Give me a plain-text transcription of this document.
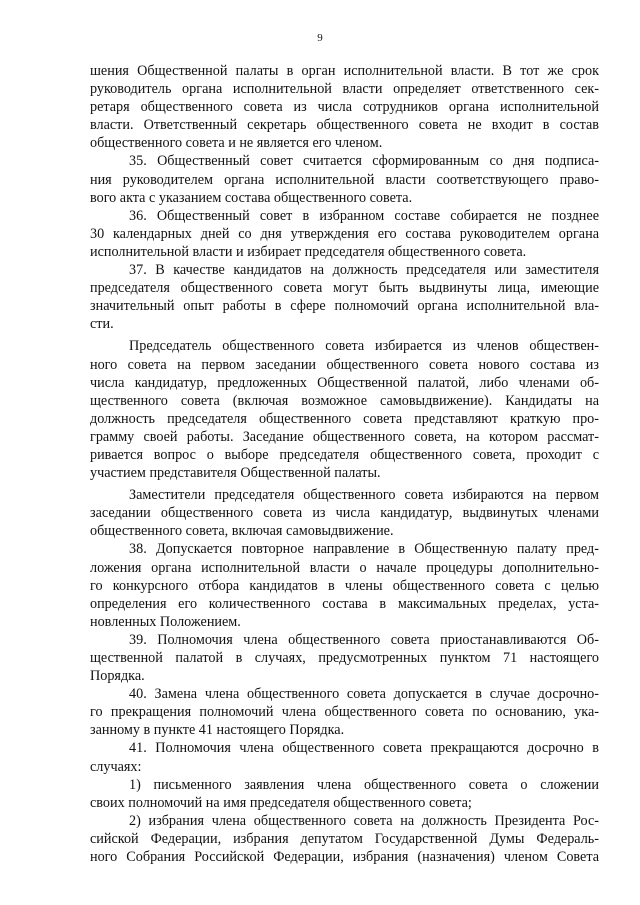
9
шения Общественной палаты в орган исполнительной власти. В тот же срок
руководитель органа исполнительной власти определяет ответственного сек-
ретаря общественного совета из числа сотрудников органа исполнительной
власти. Ответственный секретарь общественного совета не входит в состав
общественного совета и не является его членом.
35. Общественный совет считается сформированным со дня подписа-
ния руководителем органа исполнительной власти соответствующего право-
вого акта с указанием состава общественного совета.
36. Общественный совет в избранном составе собирается не позднее
30 календарных дней со дня утверждения его состава руководителем органа
исполнительной власти и избирает председателя общественного совета.
37. В качестве кандидатов на должность председателя или заместителя
председателя общественного совета могут быть выдвинуты лица, имеющие
значительный опыт работы в сфере полномочий органа исполнительной вла-
сти.
Председатель общественного совета избирается из членов обществен-
ного совета на первом заседании общественного совета нового состава из
числа кандидатур, предложенных Общественной палатой, либо членами об-
щественного совета (включая возможное самовыдвижение). Кандидаты на
должность председателя общественного совета представляют краткую про-
грамму своей работы. Заседание общественного совета, на котором рассмат-
ривается вопрос о выборе председателя общественного совета, проходит с
участием представителя Общественной палаты.
Заместители председателя общественного совета избираются на первом
заседании общественного совета из числа кандидатур, выдвинутых членами
общественного совета, включая самовыдвижение.
38. Допускается повторное направление в Общественную палату пред-
ложения органа исполнительной власти о начале процедуры дополнительно-
го конкурсного отбора кандидатов в члены общественного совета с целью
определения его количественного состава в максимальных пределах, уста-
новленных Положением.
39. Полномочия члена общественного совета приостанавливаются Об-
щественной палатой в случаях, предусмотренных пунктом 71 настоящего
Порядка.
40. Замена члена общественного совета допускается в случае досрочно-
го прекращения полномочий члена общественного совета по основанию, ука-
занному в пункте 41 настоящего Порядка.
41. Полномочия члена общественного совета прекращаются досрочно в
случаях:
1) письменного заявления члена общественного совета о сложении
своих полномочий на имя председателя общественного совета;
2) избрания члена общественного совета на должность Президента Рос-
сийской Федерации, избрания депутатом Государственной Думы Федераль-
ного Собрания Российской Федерации, избрания (назначения) членом Совета
